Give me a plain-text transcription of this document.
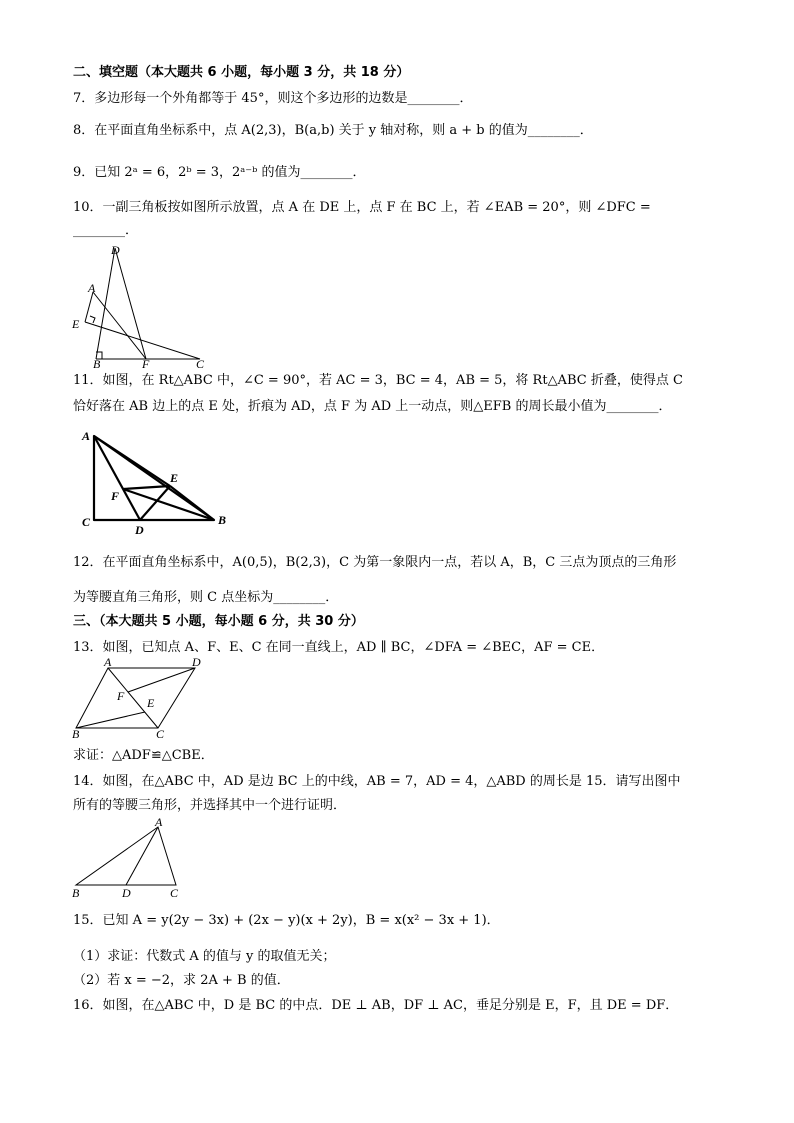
二、填空题（本大题共 6 小题，每小题 3 分，共 18 分）
7．多边形每一个外角都等于 45°，则这个多边形的边数是________．
8．在平面直角坐标系中，点 A(2,3)，B(a,b) 关于 y 轴对称，则 a + b 的值为________．
9．已知 2ᵃ = 6，2ᵇ = 3，2ᵃ⁻ᵇ 的值为________．
10．一副三角板按如图所示放置，点 A 在 DE 上，点 F 在 BC 上，若 ∠EAB = 20°，则 ∠DFC =
________．
D
A
E
B	F	C
11．如图，在 Rt△ABC 中，∠C = 90°，若 AC = 3，BC = 4，AB = 5，将 Rt△ABC 折叠，使得点 C
恰好落在 AB 边上的点 E 处，折痕为 AD，点 F 为 AD 上一动点，则△EFB 的周长最小值为________．
A
E
F
C
D
B
12．在平面直角坐标系中，A(0,5)，B(2,3)，C 为第一象限内一点，若以 A，B，C 三点为顶点的三角形
为等腰直角三角形，则 C 点坐标为________．
三、（本大题共 5 小题，每小题 6 分，共 30 分）
13．如图，已知点 A、F、E、C 在同一直线上，AD ∥ BC，∠DFA = ∠BEC，AF = CE．
A	D
F E
B	C
求证：△ADF≌△CBE．
14．如图，在△ABC 中，AD 是边 BC 上的中线，AB = 7，AD = 4，△ABD 的周长是 15．请写出图中
所有的等腰三角形，并选择其中一个进行证明．
A
B	D	C
15．已知 A = y(2y − 3x) + (2x − y)(x + 2y)，B = x(x² − 3x + 1)．
（1）求证：代数式 A 的值与 y 的取值无关；
（2）若 x = −2，求 2A + B 的值．
16．如图，在△ABC 中，D 是 BC 的中点．DE ⊥ AB，DF ⊥ AC，垂足分别是 E，F，且 DE = DF．
